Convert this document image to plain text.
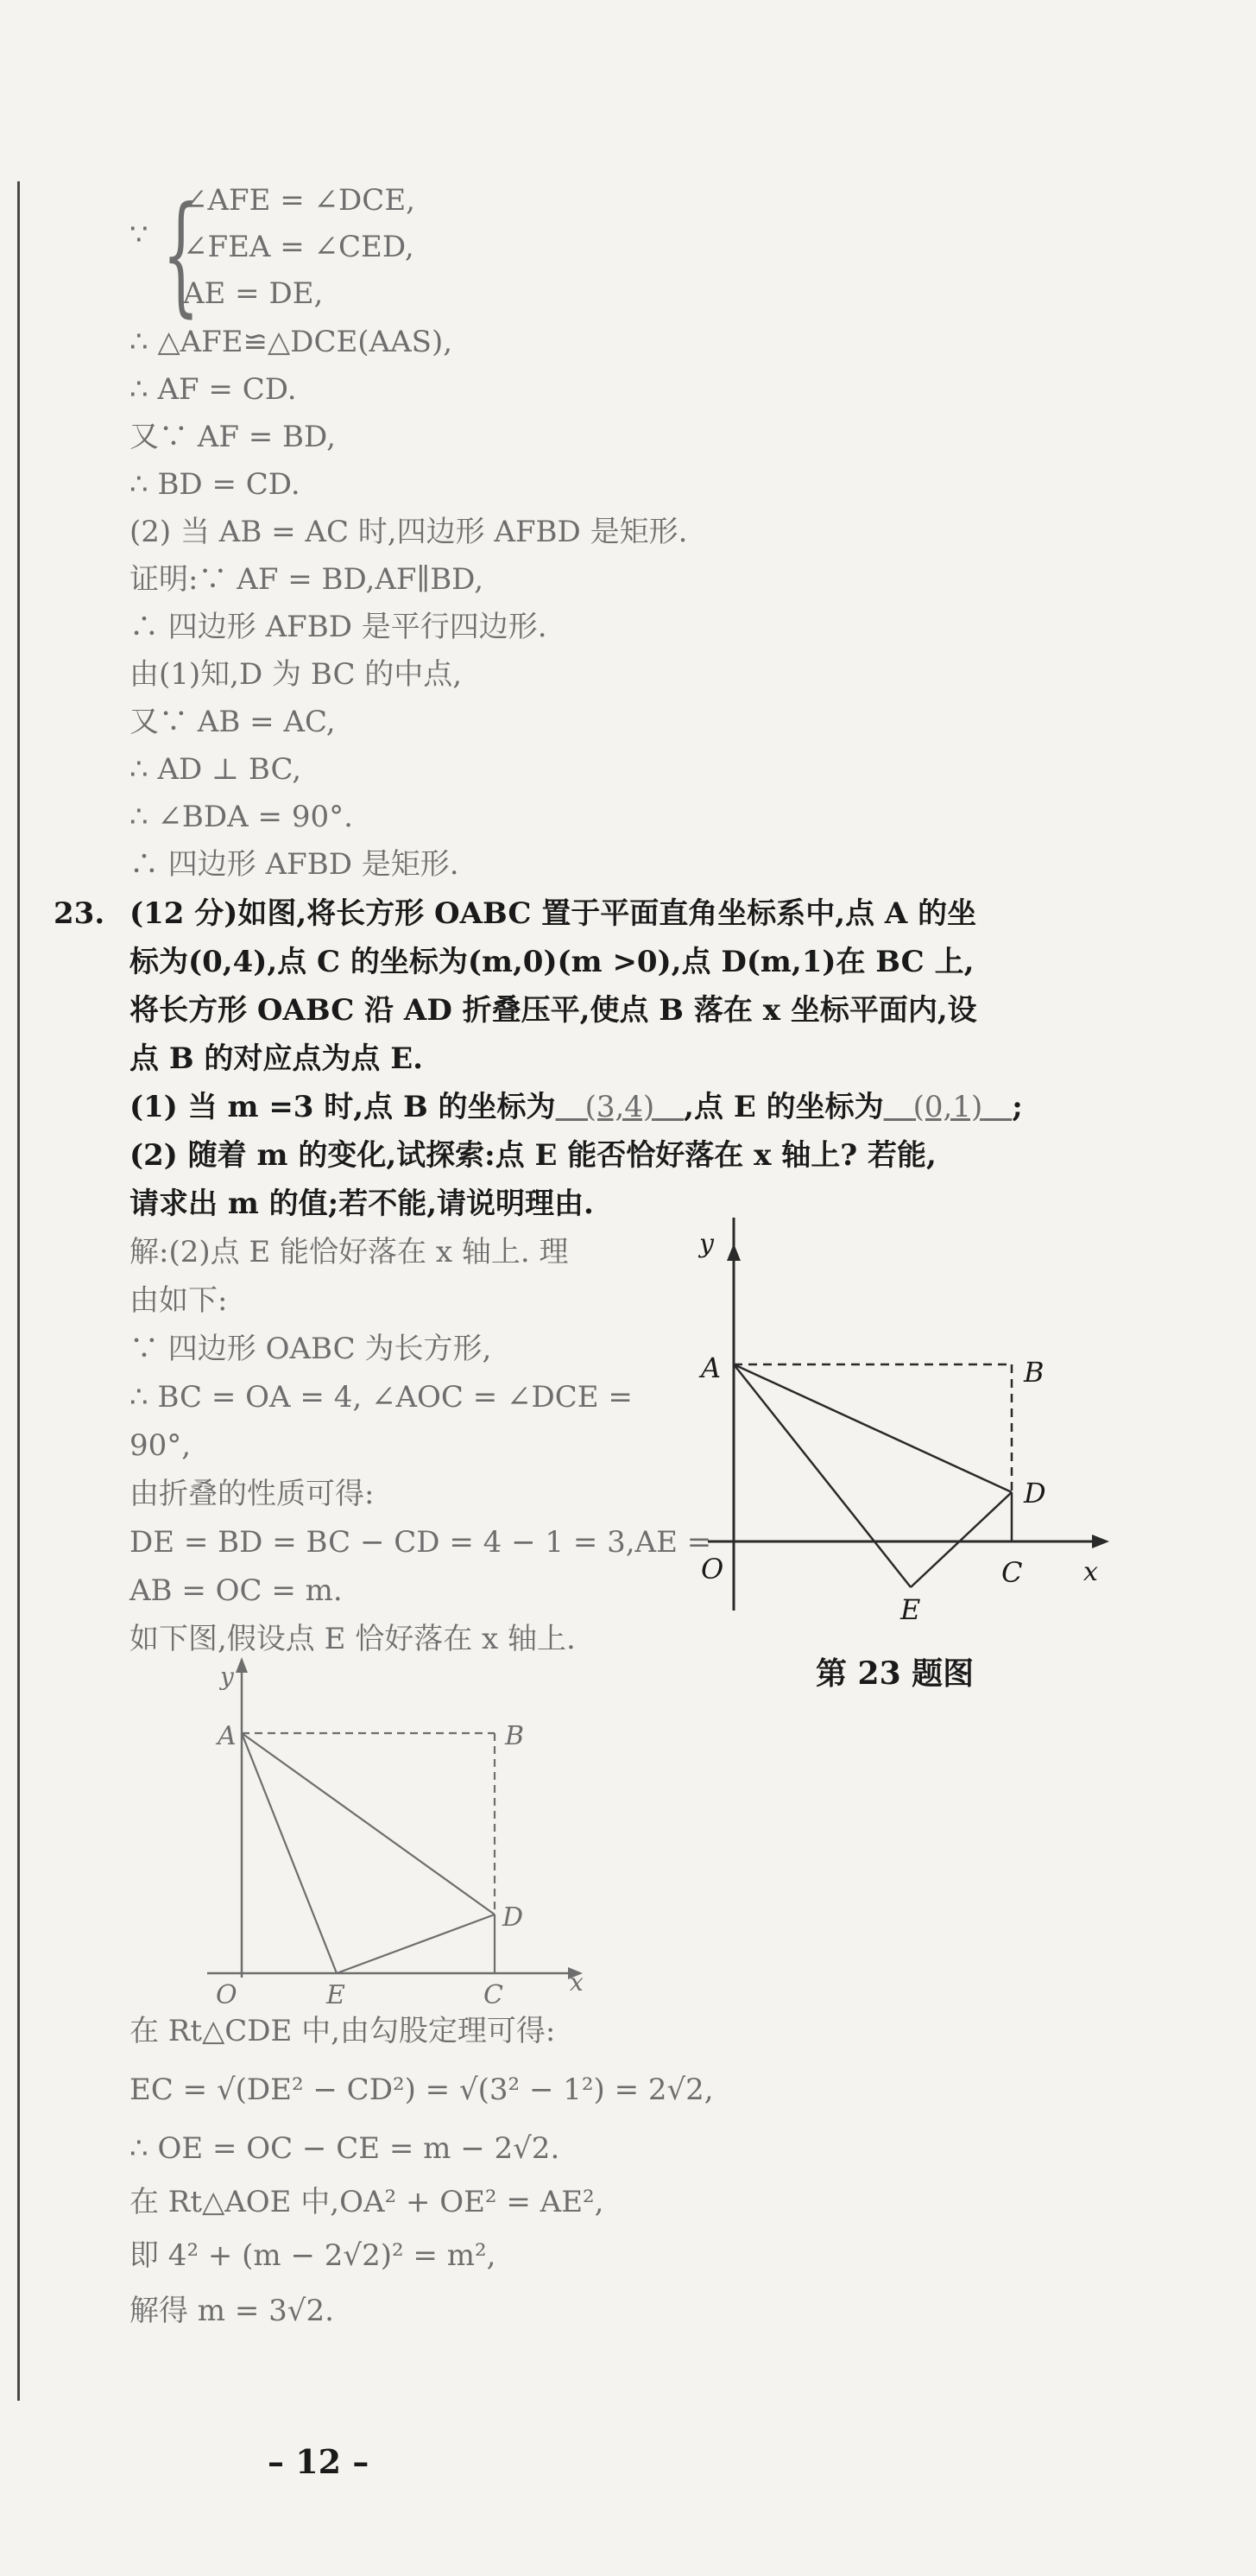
∵ {
∠AFE = ∠DCE,
∠FEA = ∠CED,
AE = DE,
∴ △AFE≌△DCE(AAS),
∴ AF = CD.
又∵ AF = BD,
∴ BD = CD.
(2) 当 AB = AC 时,四边形 AFBD 是矩形.
证明:∵ AF = BD,AF∥BD,
∴ 四边形 AFBD 是平行四边形.
由(1)知,D 为 BC 的中点,
又∵ AB = AC,
∴ AD ⊥ BC,
∴ ∠BDA = 90°.
∴ 四边形 AFBD 是矩形.
23. (12 分)如图,将长方形 OABC 置于平面直角坐标系中,点 A 的坐
标为(0,4),点 C 的坐标为(m,0)(m >0),点 D(m,1)在 BC 上,
将长方形 OABC 沿 AD 折叠压平,使点 B 落在 x 坐标平面内,设
点 B 的对应点为点 E.
(1) 当 m =3 时,点 B 的坐标为  (3,4)  ,点 E 的坐标为  (0,1)  ;
(2) 随着 m 的变化,试探索:点 E 能否恰好落在 x 轴上? 若能,
请求出 m 的值;若不能,请说明理由.
解:(2)点 E 能恰好落在 x 轴上. 理
由如下:
∵ 四边形 OABC 为长方形,
∴ BC = OA = 4, ∠AOC = ∠DCE =
90°,
由折叠的性质可得:
DE = BD = BC − CD = 4 − 1 = 3,AE =
AB = OC = m.
如下图,假设点 E 恰好落在 x 轴上.
y
A	B
D
O	C x
E
第 23 题图
y
A	B
D
O	E	C	x
在 Rt△CDE 中,由勾股定理可得:
EC = √(DE² − CD²) = √(3² − 1²) = 2√2,
∴ OE = OC − CE = m − 2√2.
在 Rt△AOE 中,OA² + OE² = AE²,
即 4² + (m − 2√2)² = m²,
解得 m = 3√2.
– 12 –
